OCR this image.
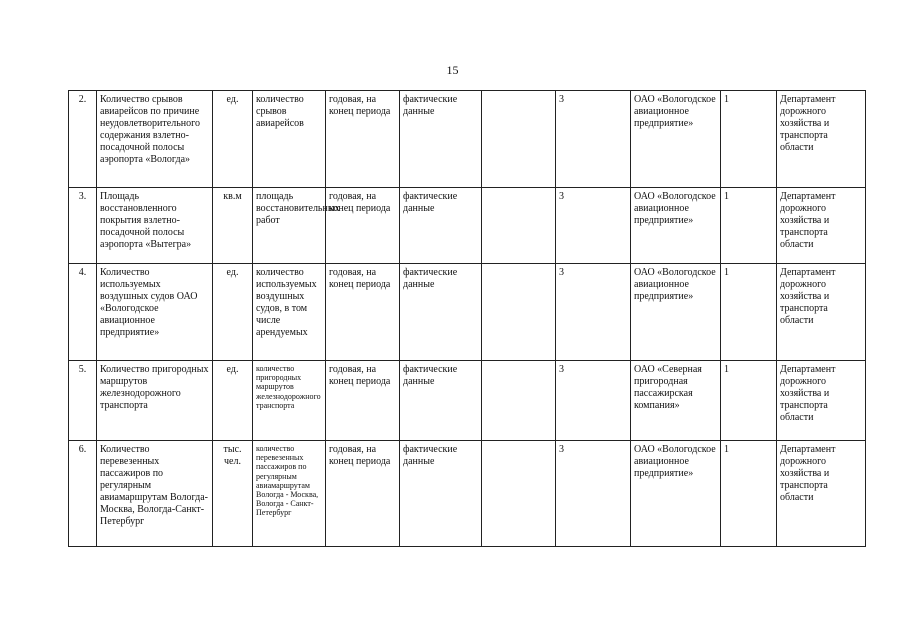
15
2.	Количество срывов авиарейсов по причине неудовлетворительного содержания взлетно-посадочной полосы аэропорта «Вологда»	ед.	количество срывов авиарейсов	годовая, на конец периода	фактические данные		3	ОАО «Вологодское авиационное предприятие»	1	Департамент дорожного хозяйства и транспорта области
3.	Площадь восстановленного покрытия взлетно-посадочной полосы аэропорта «Вытегра»	кв.м	площадь восстановительных работ	годовая, на конец периода	фактические данные		3	ОАО «Вологодское авиационное предприятие»	1	Департамент дорожного хозяйства и транспорта области
4.	Количество используемых воздушных судов ОАО «Вологодское авиационное предприятие»	ед.	количество используемых воздушных судов, в том числе арендуемых	годовая, на конец периода	фактические данные		3	ОАО «Вологодское авиационное предприятие»	1	Департамент дорожного хозяйства и транспорта области
5.	Количество пригородных маршрутов железнодорожного транспорта	ед.	количество пригородных маршрутов железнодорожного транспорта	годовая, на конец периода	фактические данные		3	ОАО «Северная пригородная пассажирская компания»	1	Департамент дорожного хозяйства и транспорта области
6.	Количество перевезенных пассажиров по регулярным авиамаршрутам Вологда-Москва, Вологда-Санкт-Петербург	тыс. чел.	количество перевезенных пассажиров по регулярным авиамаршрутам Вологда - Москва, Вологда - Санкт-Петербург	годовая, на конец периода	фактические данные		3	ОАО «Вологодское авиационное предприятие»	1	Департамент дорожного хозяйства и транспорта области
